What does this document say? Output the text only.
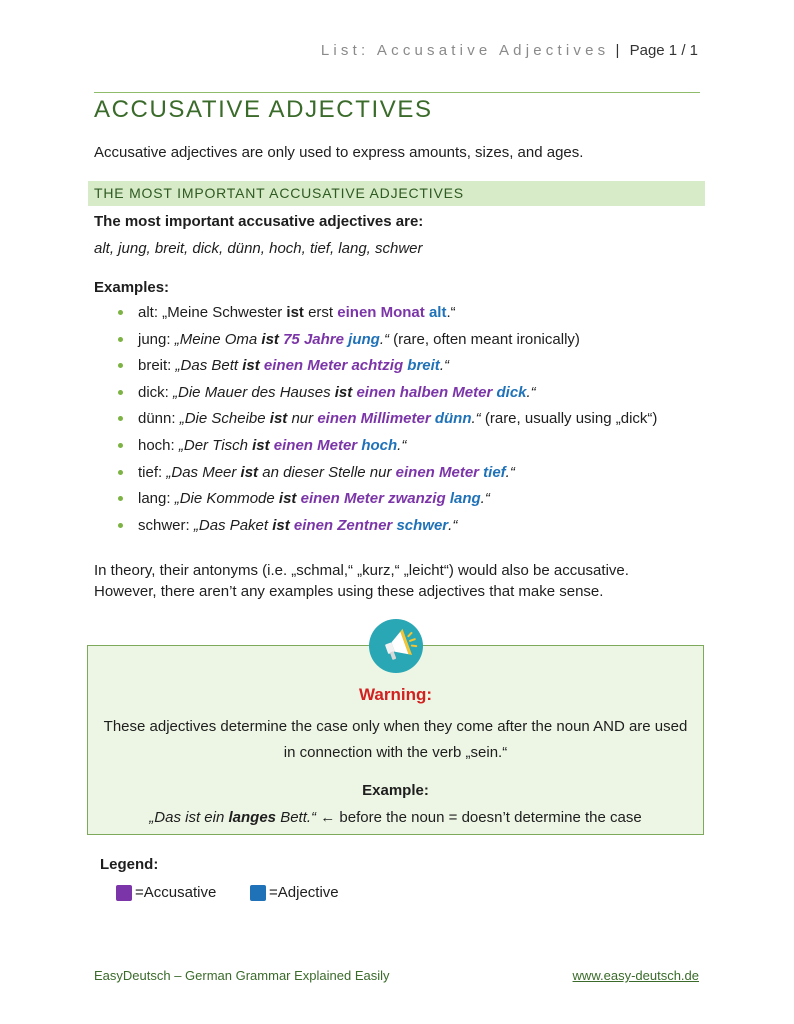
List: Accusative Adjectives | Page 1 / 1
ACCUSATIVE ADJECTIVES
Accusative adjectives are only used to express amounts, sizes, and ages.
THE MOST IMPORTANT ACCUSATIVE ADJECTIVES
The most important accusative adjectives are:
alt, jung, breit, dick, dünn, hoch, tief, lang, schwer
Examples:
alt: „Meine Schwester ist erst einen Monat alt.“
jung: „Meine Oma ist 75 Jahre jung.“ (rare, often meant ironically)
breit: „Das Bett ist einen Meter achtzig breit.“
dick: „Die Mauer des Hauses ist einen halben Meter dick.“
dünn: „Die Scheibe ist nur einen Millimeter dünn.“ (rare, usually using „dick“)
hoch: „Der Tisch ist einen Meter hoch.“
tief: „Das Meer ist an dieser Stelle nur einen Meter tief.“
lang: „Die Kommode ist einen Meter zwanzig lang.“
schwer: „Das Paket ist einen Zentner schwer.“
In theory, their antonyms (i.e. „schmal,“ „kurz,“ „leicht“) would also be accusative.
However, there aren’t any examples using these adjectives that make sense.
Warning:
These adjectives determine the case only when they come after the noun AND are used in connection with the verb „sein.“
Example:
„Das ist ein langes Bett.“ ← before the noun = doesn’t determine the case
Legend:
=Accusative	=Adjective
EasyDeutsch – German Grammar Explained Easily	www.easy-deutsch.de
